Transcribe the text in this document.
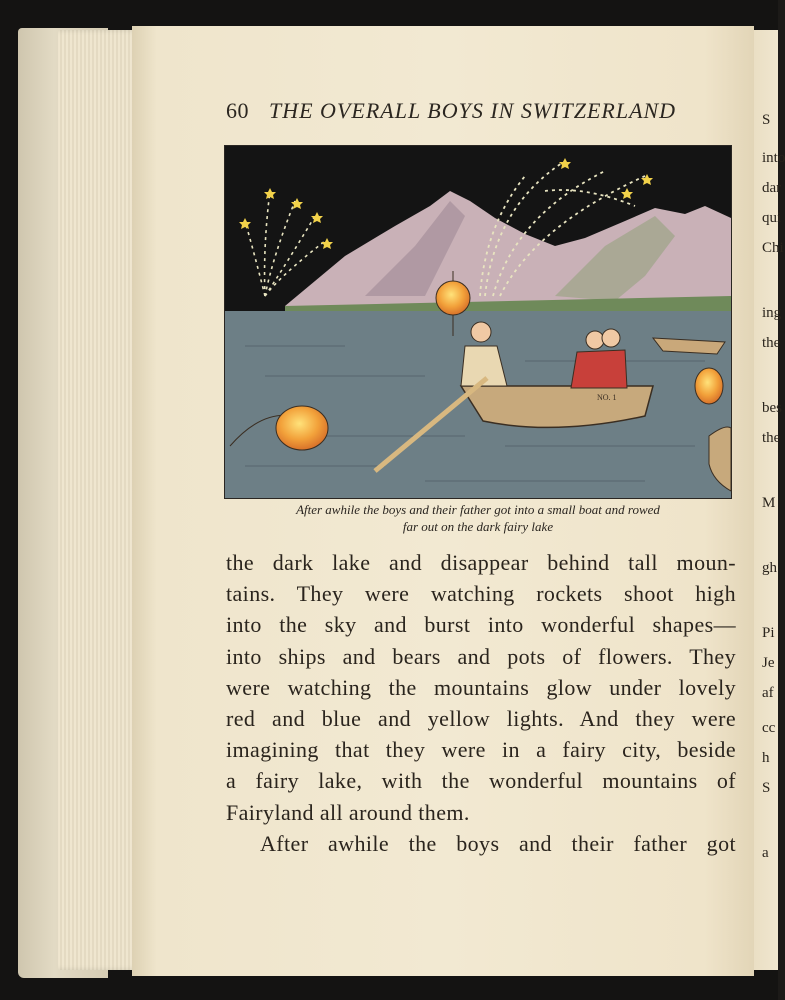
S
into
dar
qui
Chi
ing
the
bes
the
M
gh
Pi
Je
af
cc
h
S
a
60 THE OVERALL BOYS IN SWITZERLAND
NO. 1
After awhile the boys and their father got into a small boat and rowed
far out on the dark fairy lake
the dark lake and disappear behind tall moun-
tains. They were watching rockets shoot high
into the sky and burst into wonderful shapes—
into ships and bears and pots of flowers. They
were watching the mountains glow under lovely
red and blue and yellow lights. And they were
imagining that they were in a fairy city, beside
a fairy lake, with the wonderful mountains of
Fairyland all around them.
After awhile the boys and their father got
